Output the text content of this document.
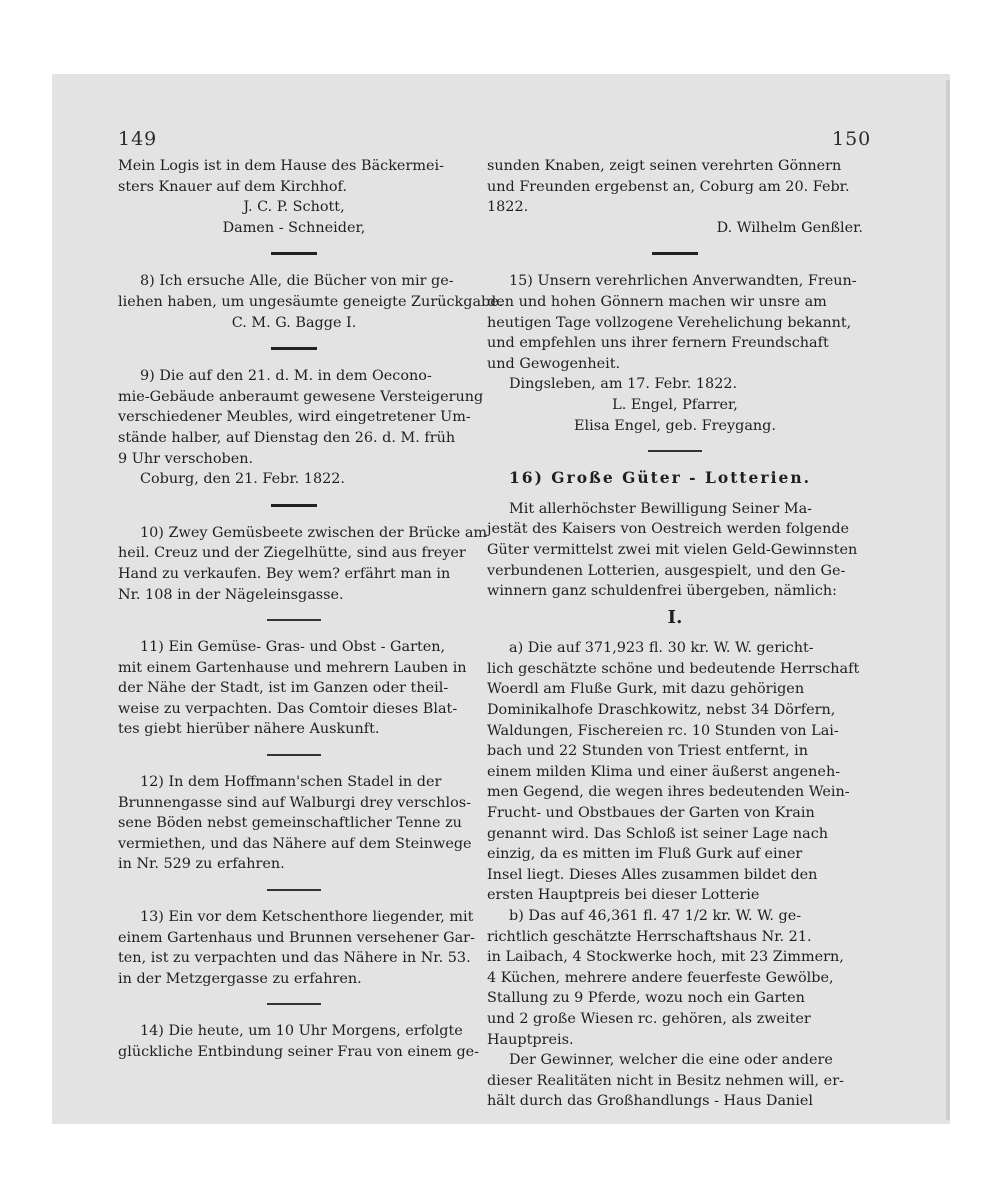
149	150
Mein Logis ist in dem Hause des Bäckermei-
sters Knauer auf dem Kirchhof.
J. C. P. Schott,
Damen - Schneider,
8) Ich ersuche Alle, die Bücher von mir ge-
liehen haben, um ungesäumte geneigte Zurückgabe.
C. M. G. Bagge I.
9) Die auf den 21. d. M. in dem Oecono-
mie-Gebäude anberaumt gewesene Versteigerung
verschiedener Meubles, wird eingetretener Um-
stände halber, auf Dienstag den 26. d. M. früh
9 Uhr verschoben.
Coburg, den 21. Febr. 1822.
10) Zwey Gemüsbeete zwischen der Brücke am
heil. Creuz und der Ziegelhütte, sind aus freyer
Hand zu verkaufen. Bey wem? erfährt man in
Nr. 108 in der Nägeleinsgasse.
11) Ein Gemüse- Gras- und Obst - Garten,
mit einem Gartenhause und mehrern Lauben in
der Nähe der Stadt, ist im Ganzen oder theil-
weise zu verpachten. Das Comtoir dieses Blat-
tes giebt hierüber nähere Auskunft.
12) In dem Hoffmann'schen Stadel in der
Brunnengasse sind auf Walburgi drey verschlos-
sene Böden nebst gemeinschaftlicher Tenne zu
vermiethen, und das Nähere auf dem Steinwege
in Nr. 529 zu erfahren.
13) Ein vor dem Ketschenthore liegender, mit
einem Gartenhaus und Brunnen versehener Gar-
ten, ist zu verpachten und das Nähere in Nr. 53.
in der Metzgergasse zu erfahren.
14) Die heute, um 10 Uhr Morgens, erfolgte
glückliche Entbindung seiner Frau von einem ge-
sunden Knaben, zeigt seinen verehrten Gönnern
und Freunden ergebenst an, Coburg am 20. Febr.
1822.
D. Wilhelm Genßler.
15) Unsern verehrlichen Anverwandten, Freun-
den und hohen Gönnern machen wir unsre am
heutigen Tage vollzogene Verehelichung bekannt,
und empfehlen uns ihrer fernern Freundschaft
und Gewogenheit.
Dingsleben, am 17. Febr. 1822.
L. Engel, Pfarrer,
Elisa Engel, geb. Freygang.
16) Große Güter - Lotterien.
Mit allerhöchster Bewilligung Seiner Ma-
jestät des Kaisers von Oestreich werden folgende
Güter vermittelst zwei mit vielen Geld-Gewinnsten
verbundenen Lotterien, ausgespielt, und den Ge-
winnern ganz schuldenfrei übergeben, nämlich:
I.
a) Die auf 371,923 fl. 30 kr. W. W. gericht-
lich geschätzte schöne und bedeutende Herrschaft
Woerdl am Fluße Gurk, mit dazu gehörigen
Dominikalhofe Draschkowitz, nebst 34 Dörfern,
Waldungen, Fischereien rc. 10 Stunden von Lai-
bach und 22 Stunden von Triest entfernt, in
einem milden Klima und einer äußerst angeneh-
men Gegend, die wegen ihres bedeutenden Wein-
Frucht- und Obstbaues der Garten von Krain
genannt wird. Das Schloß ist seiner Lage nach
einzig, da es mitten im Fluß Gurk auf einer
Insel liegt. Dieses Alles zusammen bildet den
ersten Hauptpreis bei dieser Lotterie
b) Das auf 46,361 fl. 47 1/2 kr. W. W. ge-
richtlich geschätzte Herrschaftshaus Nr. 21.
in Laibach, 4 Stockwerke hoch, mit 23 Zimmern,
4 Küchen, mehrere andere feuerfeste Gewölbe,
Stallung zu 9 Pferde, wozu noch ein Garten
und 2 große Wiesen rc. gehören, als zweiter
Hauptpreis.
Der Gewinner, welcher die eine oder andere
dieser Realitäten nicht in Besitz nehmen will, er-
hält durch das Großhandlungs - Haus Daniel
